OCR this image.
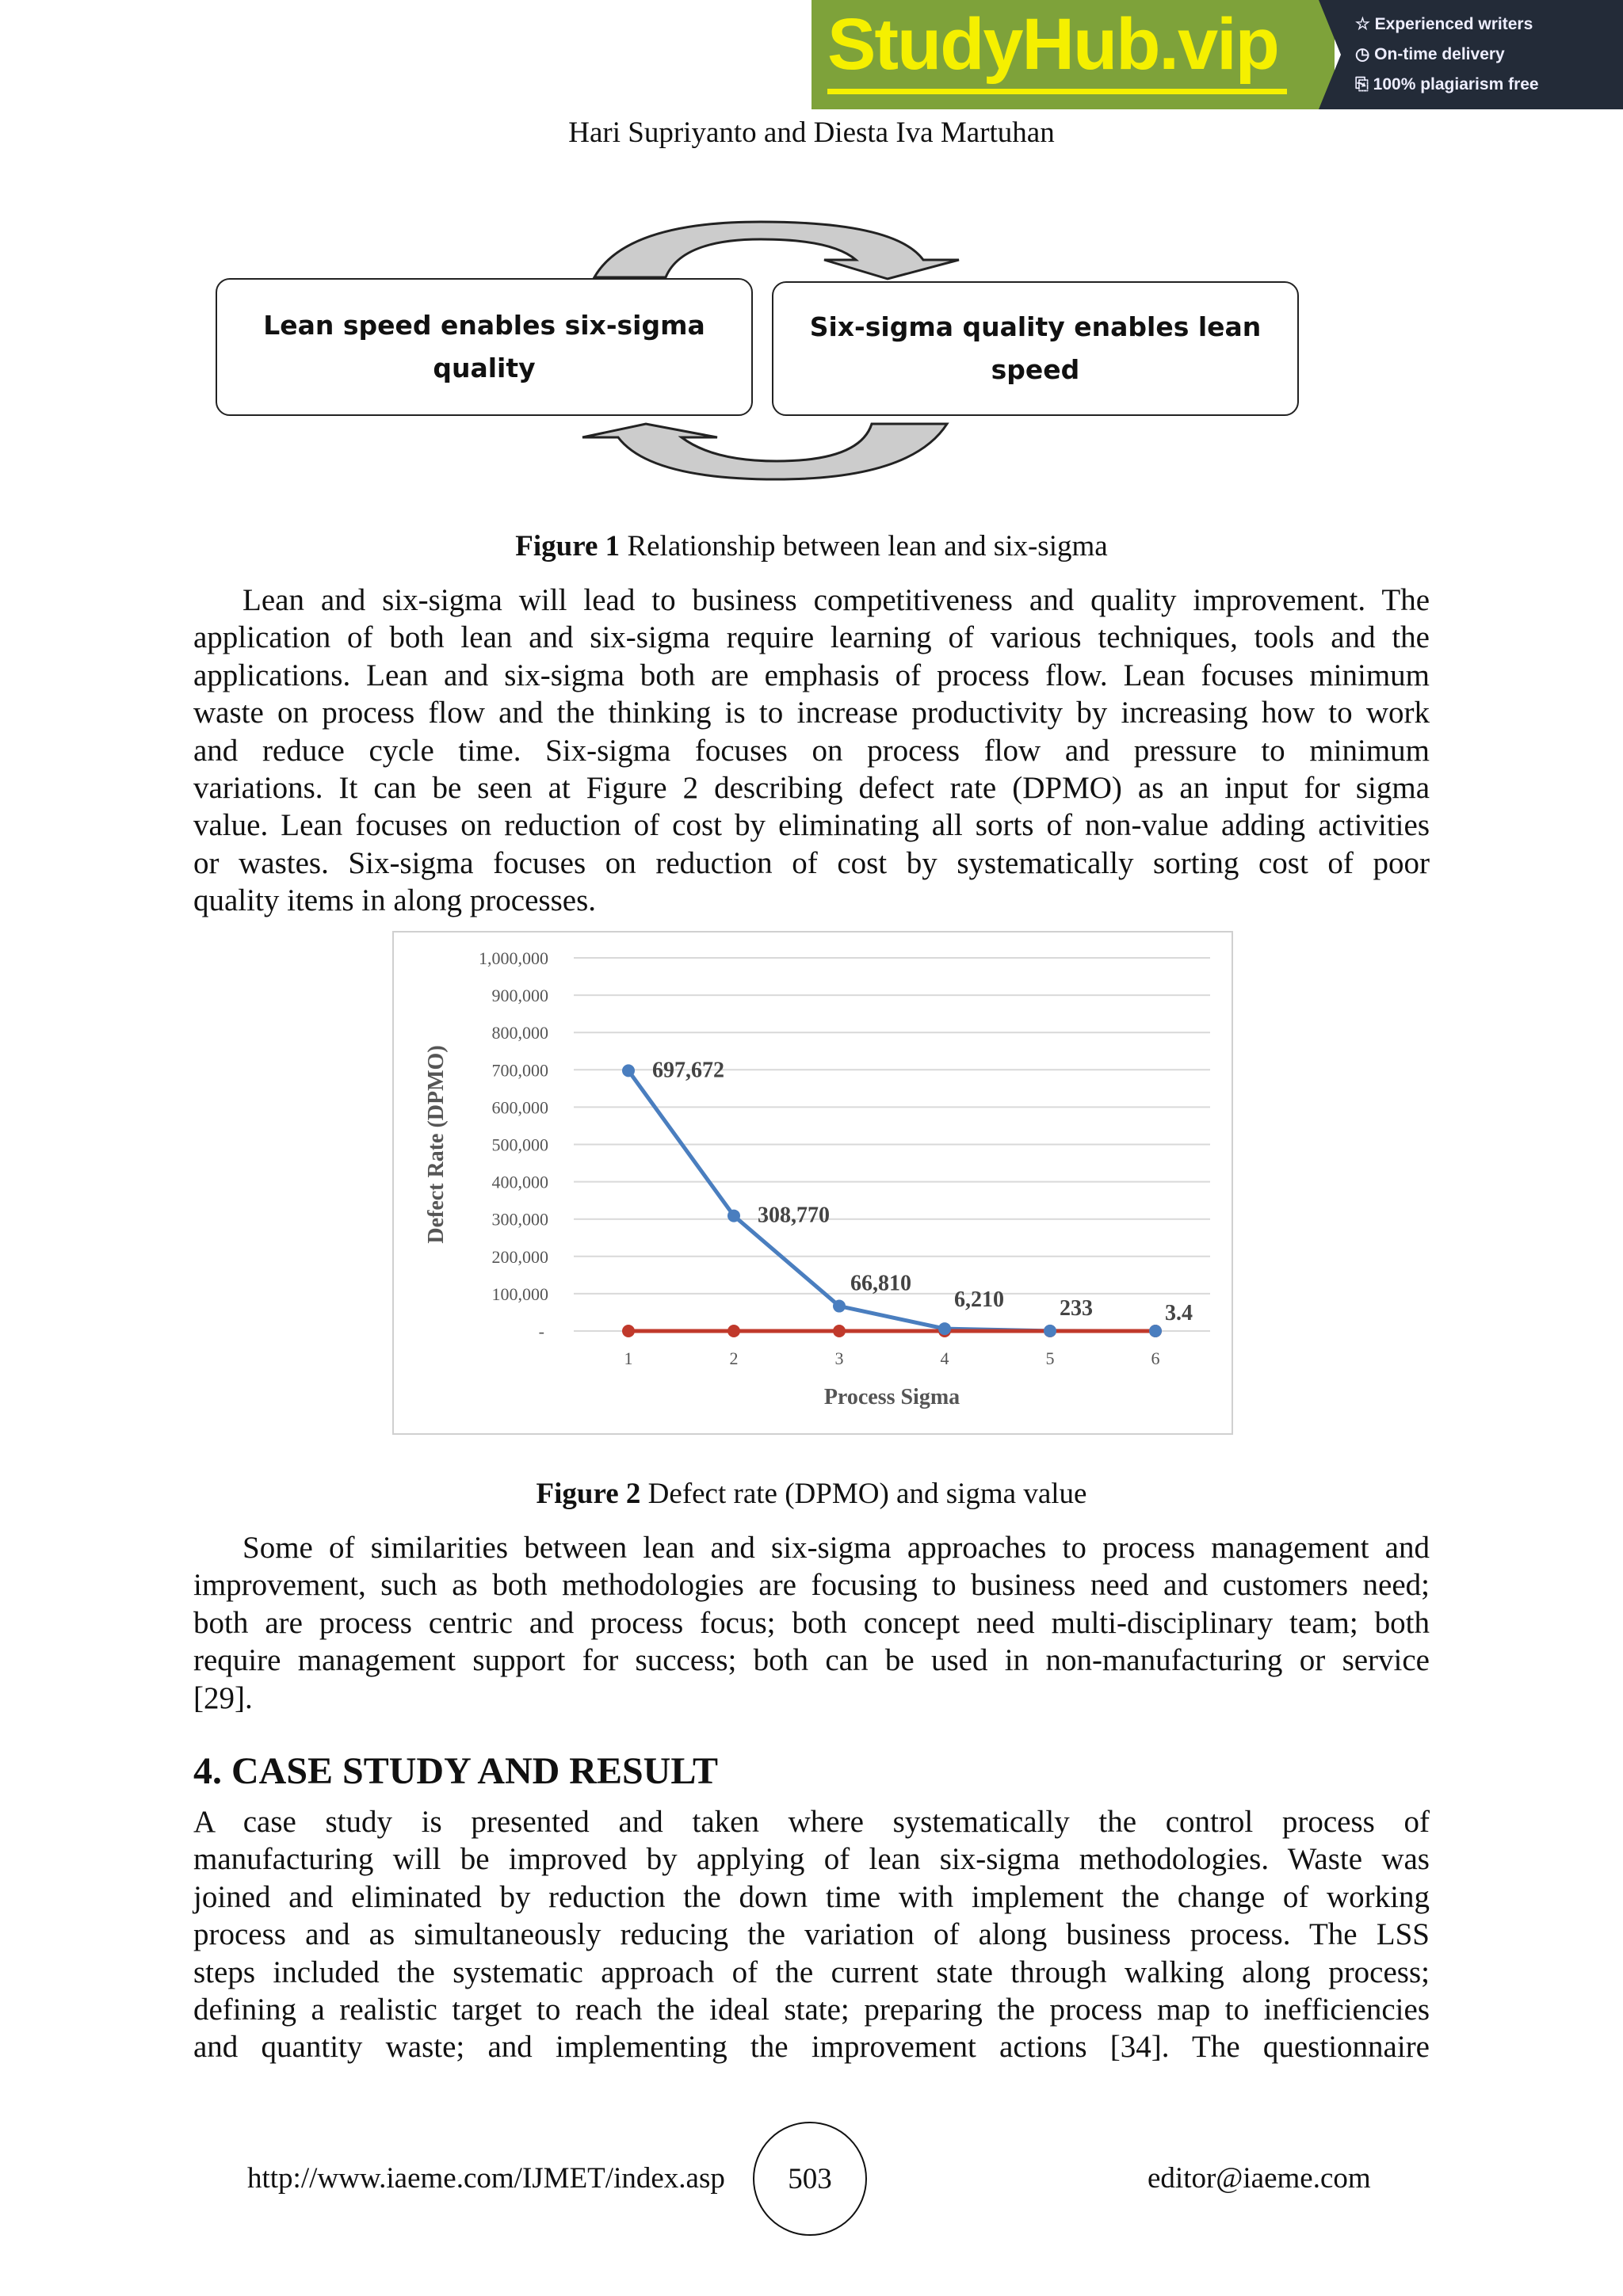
Hari Supriyanto and Diesta Iva Martuhan
StudyHub.vip	☆ Experienced writers
◷ On-time delivery
⎘ 100% plagiarism free
Lean speed enables six-sigma
quality
Six-sigma quality enables lean
speed
Figure 1 Relationship between lean and six-sigma
Lean and six-sigma will lead to business competitiveness and quality improvement. The
application of both lean and six-sigma require learning of various techniques, tools and the
applications. Lean and six-sigma both are emphasis of process flow. Lean focuses minimum
waste on process flow and the thinking is to increase productivity by increasing how to work
and reduce cycle time. Six-sigma focuses on process flow and pressure to minimum
variations. It can be seen at Figure 2 describing defect rate (DPMO) as an input for sigma
value. Lean focuses on reduction of cost by eliminating all sorts of non-value adding activities
or wastes. Six-sigma focuses on reduction of cost by systematically sorting cost of poor
quality items in along processes.
-
100,000
200,000
300,000
400,000
500,000
600,000
700,000
800,000
900,000
1,000,000
1	2	3	4	5	6
Process Sigma
Defect Rate (DPMO)	697,672
308,770
66,810
6,210	233	3.4
Figure 2 Defect rate (DPMO) and sigma value
Some of similarities between lean and six-sigma approaches to process management and
improvement, such as both methodologies are focusing to business need and customers need;
both are process centric and process focus; both concept need multi-disciplinary team; both
require management support for success; both can be used in non-manufacturing or service
[29].
4. CASE STUDY AND RESULT
A case study is presented and taken where systematically the control process of
manufacturing will be improved by applying of lean six-sigma methodologies. Waste was
joined and eliminated by reduction the down time with implement the change of working
process and as simultaneously reducing the variation of along business process. The LSS
steps included the systematic approach of the current state through walking along process;
defining a realistic target to reach the ideal state; preparing the process map to inefficiencies
and quantity waste; and implementing the improvement actions [34]. The questionnaire
http://www.iaeme.com/IJMET/index.asp 503	editor@iaeme.com
